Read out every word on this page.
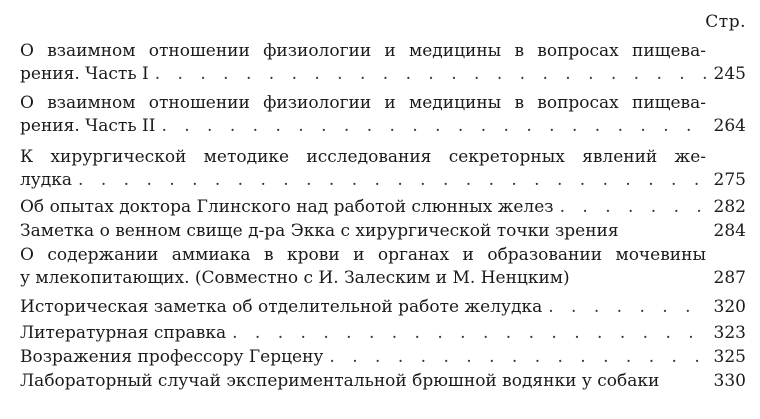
Стр.
О взаимном отношении физиологии и медицины в вопросах пищева-
рения. Часть I . . .	245
О взаимном отношении физиологии и медицины в вопросах пищева-
рения. Часть II . . .	264
К хирургической методике исследования секреторных явлений же-
лудка . . .	275
Об опытах доктора Глинского над работой слюнных желез . . .	282
Заметка о венном свище д-ра Экка с хирургической точки зрения	284
О содержании аммиака в крови и органах и образовании мочевины
у млекопитающих. (Совместно с И. Залеским и М. Ненцким)	287
Историческая заметка об отделительной работе желудка . . .	320
Литературная справка . . .	323
Возражения профессору Герцену . . .	325
Лабораторный случай экспериментальной брюшной водянки у собаки	330
